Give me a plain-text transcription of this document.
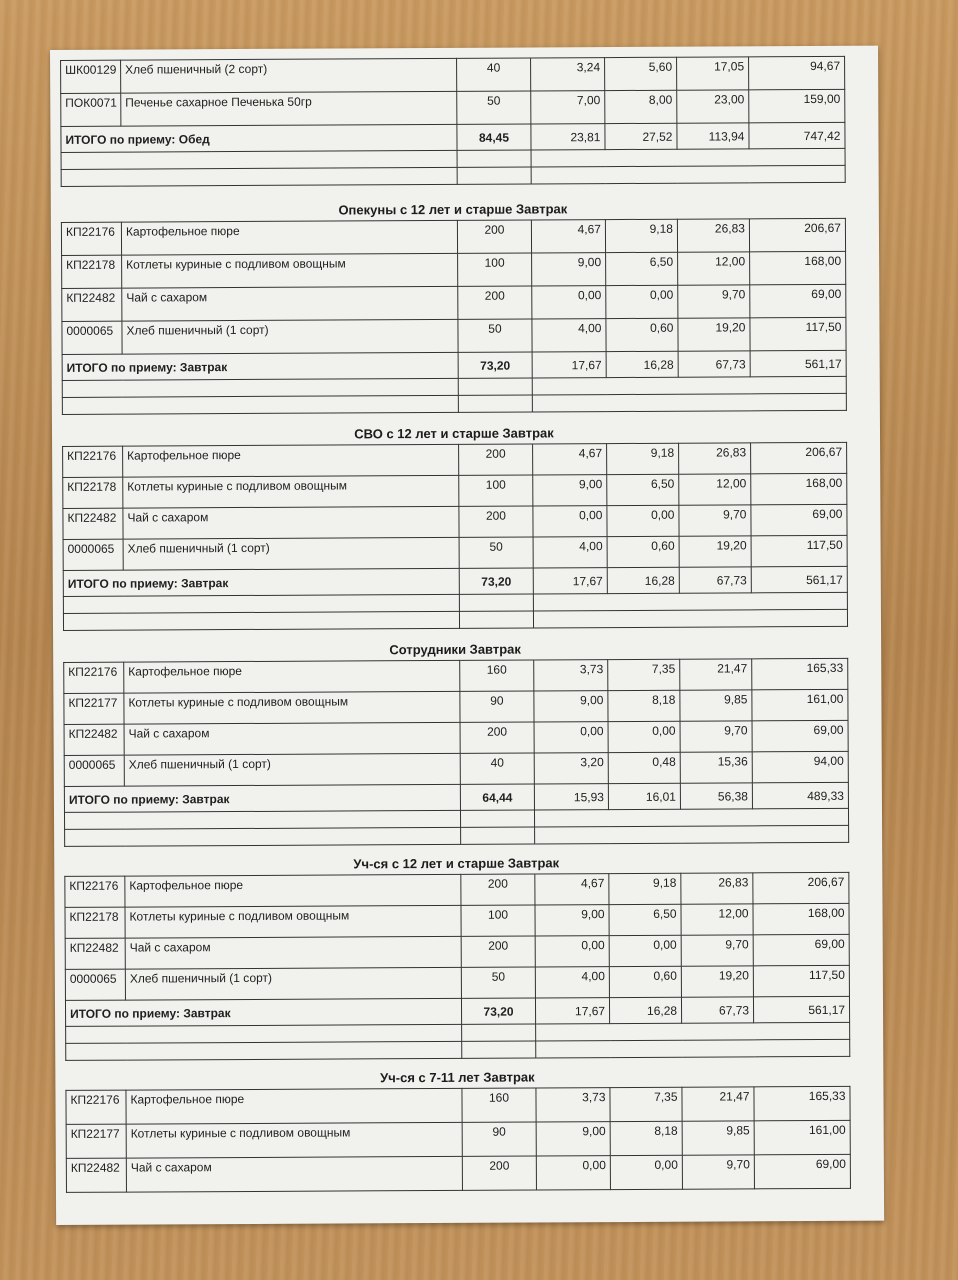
ШК00129	Хлеб пшеничный (2 сорт)	40	3,24	5,60	17,05	94,67
ПОК0071	Печенье сахарное Печенька 50гр	50	7,00	8,00	23,00	159,00
ИТОГО по приему: Обед		84,45	23,81	27,52	113,94	747,42

Опекуны с 12 лет и старше Завтрак
КП22176	Картофельное пюре	200	4,67	9,18	26,83	206,67
КП22178	Котлеты куриные с подливом овощным	100	9,00	6,50	12,00	168,00
КП22482	Чай с сахаром	200	0,00	0,00	9,70	69,00
0000065	Хлеб пшеничный (1 сорт)	50	4,00	0,60	19,20	117,50
ИТОГО по приему: Завтрак		73,20	17,67	16,28	67,73	561,17

СВО с 12 лет и старше Завтрак
КП22176	Картофельное пюре	200	4,67	9,18	26,83	206,67
КП22178	Котлеты куриные с подливом овощным	100	9,00	6,50	12,00	168,00
КП22482	Чай с сахаром	200	0,00	0,00	9,70	69,00
0000065	Хлеб пшеничный (1 сорт)	50	4,00	0,60	19,20	117,50
ИТОГО по приему: Завтрак		73,20	17,67	16,28	67,73	561,17

Сотрудники Завтрак
КП22176	Картофельное пюре	160	3,73	7,35	21,47	165,33
КП22177	Котлеты куриные с подливом овощным	90	9,00	8,18	9,85	161,00
КП22482	Чай с сахаром	200	0,00	0,00	9,70	69,00
0000065	Хлеб пшеничный (1 сорт)	40	3,20	0,48	15,36	94,00
ИТОГО по приему: Завтрак		64,44	15,93	16,01	56,38	489,33

Уч-ся с 12 лет и старше Завтрак
КП22176	Картофельное пюре	200	4,67	9,18	26,83	206,67
КП22178	Котлеты куриные с подливом овощным	100	9,00	6,50	12,00	168,00
КП22482	Чай с сахаром	200	0,00	0,00	9,70	69,00
0000065	Хлеб пшеничный (1 сорт)	50	4,00	0,60	19,20	117,50
ИТОГО по приему: Завтрак		73,20	17,67	16,28	67,73	561,17

Уч-ся с 7-11 лет Завтрак
КП22176	Картофельное пюре	160	3,73	7,35	21,47	165,33
КП22177	Котлеты куриные с подливом овощным	90	9,00	8,18	9,85	161,00
КП22482	Чай с сахаром	200	0,00	0,00	9,70	69,00
